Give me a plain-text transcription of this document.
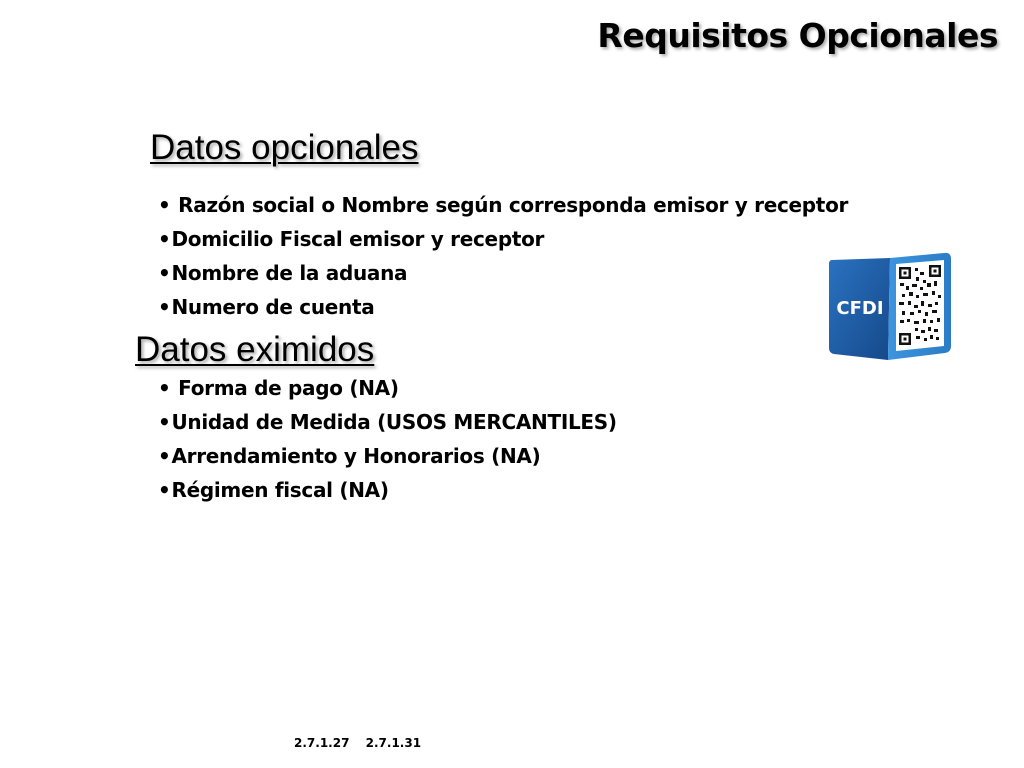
Requisitos Opcionales
Datos opcionales
• Razón social o Nombre según corresponda emisor y receptor
•Domicilio Fiscal emisor y receptor
•Nombre de la aduana
•Numero de cuenta
Datos eximidos
• Forma de pago (NA)
•Unidad de Medida (USOS MERCANTILES)
•Arrendamiento y Honorarios (NA)
•Régimen fiscal (NA)
CFDI
2.7.1.27 2.7.1.31
